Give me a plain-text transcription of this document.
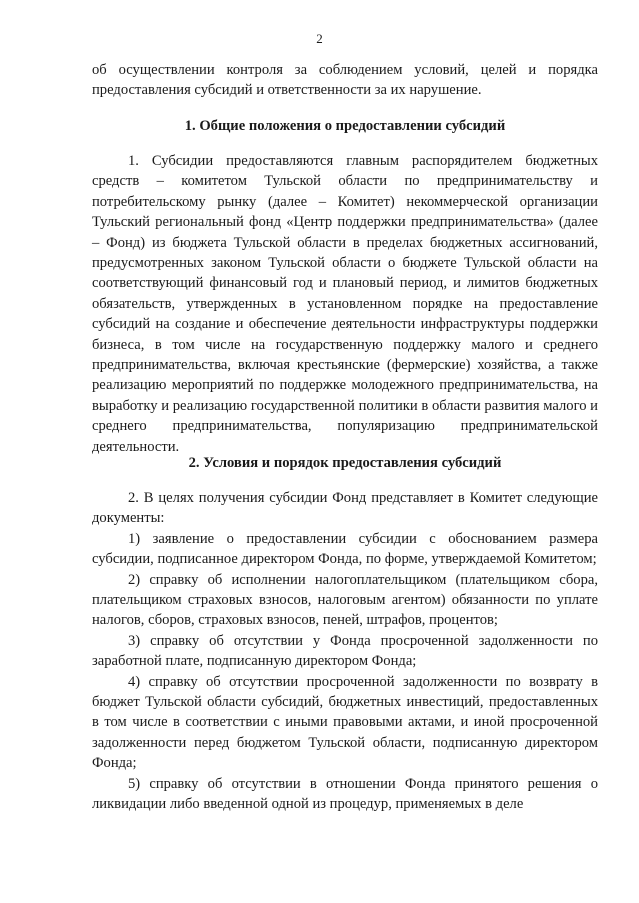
2

об осуществлении контроля за соблюдением условий, целей и порядка предоставления субсидий и ответственности за их нарушение.

1. Общие положения о предоставлении субсидий

1. Субсидии предоставляются главным распорядителем бюджетных средств – комитетом Тульской области по предпринимательству и потребительскому рынку (далее – Комитет) некоммерческой организации Тульский региональный фонд «Центр поддержки предпринимательства» (далее – Фонд) из бюджета Тульской области в пределах бюджетных ассигнований, предусмотренных законом Тульской области о бюджете Тульской области на соответствующий финансовый год и плановый период, и лимитов бюджетных обязательств, утвержденных в установленном порядке на предоставление субсидий на создание и обеспечение деятельности инфраструктуры поддержки бизнеса, в том числе на государственную поддержку малого и среднего предпринимательства, включая крестьянские (фермерские) хозяйства, а также реализацию мероприятий по поддержке молодежного предпринимательства, на выработку и реализацию государственной политики в области развития малого и среднего предпринимательства, популяризацию предпринимательской деятельности.

2. Условия и порядок предоставления субсидий

2. В целях получения субсидии Фонд представляет в Комитет следующие документы:

1) заявление о предоставлении субсидии с обоснованием размера субсидии, подписанное директором Фонда, по форме, утверждаемой Комитетом;

2) справку об исполнении налогоплательщиком (плательщиком сбора, плательщиком страховых взносов, налоговым агентом) обязанности по уплате налогов, сборов, страховых взносов, пеней, штрафов, процентов;

3) справку об отсутствии у Фонда просроченной задолженности по заработной плате, подписанную директором Фонда;

4) справку об отсутствии просроченной задолженности по возврату в бюджет Тульской области субсидий, бюджетных инвестиций, предоставленных в том числе в соответствии с иными правовыми актами, и иной просроченной задолженности перед бюджетом Тульской области, подписанную директором Фонда;

5) справку об отсутствии в отношении Фонда принятого решения о ликвидации либо введенной одной из процедур, применяемых в деле
